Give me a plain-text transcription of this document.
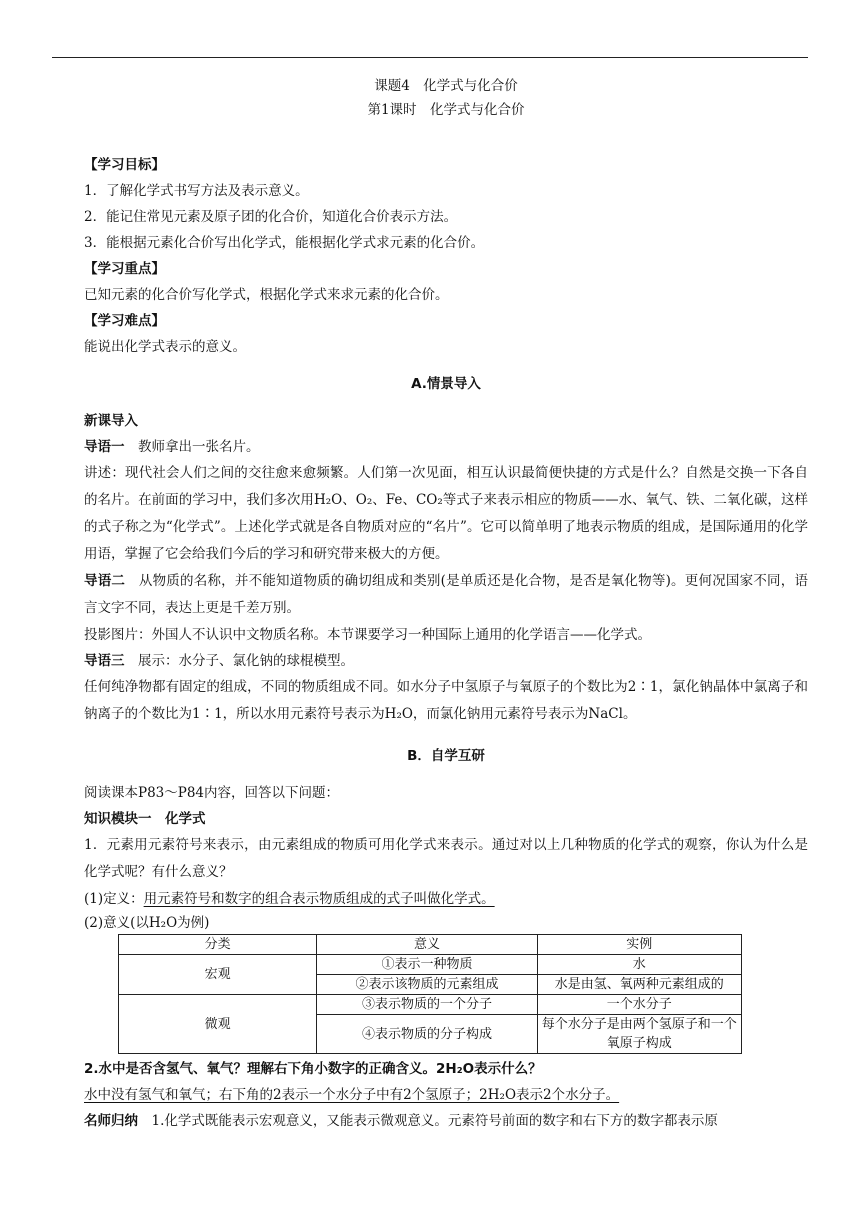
课题4　化学式与化合价
第1课时　化学式与化合价
【学习目标】
1．了解化学式书写方法及表示意义。
2．能记住常见元素及原子团的化合价，知道化合价表示方法。
3．能根据元素化合价写出化学式，能根据化学式求元素的化合价。
【学习重点】
已知元素的化合价写化学式，根据化学式来求元素的化合价。
【学习难点】
能说出化学式表示的意义。
A.情景导入
新课导入
导语一　教师拿出一张名片。
讲述：现代社会人们之间的交往愈来愈频繁。人们第一次见面，相互认识最简便快捷的方式是什么？自然是交换一下各自的名片。在前面的学习中，我们多次用H₂O、O₂、Fe、CO₂等式子来表示相应的物质——水、氧气、铁、二氧化碳，这样的式子称之为“化学式”。上述化学式就是各自物质对应的“名片”。它可以简单明了地表示物质的组成，是国际通用的化学用语，掌握了它会给我们今后的学习和研究带来极大的方便。
导语二　从物质的名称，并不能知道物质的确切组成和类别(是单质还是化合物，是否是氧化物等)。更何况国家不同，语言文字不同，表达上更是千差万别。
投影图片：外国人不认识中文物质名称。本节课要学习一种国际上通用的化学语言——化学式。
导语三　展示：水分子、氯化钠的球棍模型。
任何纯净物都有固定的组成，不同的物质组成不同。如水分子中氢原子与氧原子的个数比为2∶1，氯化钠晶体中氯离子和钠离子的个数比为1∶1，所以水用元素符号表示为H₂O，而氯化钠用元素符号表示为NaCl。
B．自学互研
阅读课本P83～P84内容，回答以下问题：
知识模块一　化学式
1．元素用元素符号来表示，由元素组成的物质可用化学式来表示。通过对以上几种物质的化学式的观察，你认为什么是化学式呢？有什么意义？
(1)定义：用元素符号和数字的组合表示物质组成的式子叫做化学式。
(2)意义(以H₂O为例)
分类	意义	实例
宏观	①表示一种物质	水
	②表示该物质的元素组成	水是由氢、氧两种元素组成的
微观	③表示物质的一个分子	一个水分子
	④表示物质的分子构成	每个水分子是由两个氢原子和一个氧原子构成
2.水中是否含氢气、氧气？理解右下角小数字的正确含义。2H₂O表示什么？
水中没有氢气和氧气；右下角的2表示一个水分子中有2个氢原子；2H₂O表示2个水分子。
名师归纳　1.化学式既能表示宏观意义，又能表示微观意义。元素符号前面的数字和右下方的数字都表示原
